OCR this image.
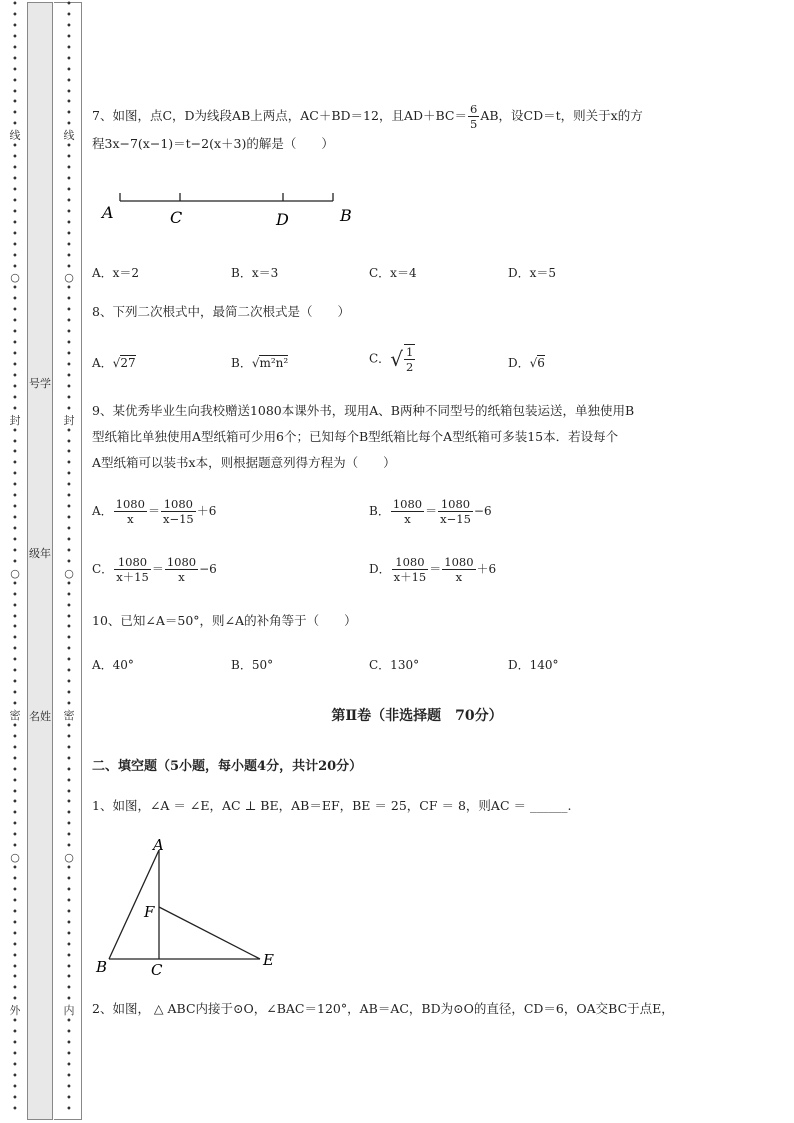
•
•
•
•
•
•
•
•
•
•
•
•
线
•
•
•
•
•
•
•
•
•
•
•
•
○
•
•
•
•
•
•
•
•
•
•
•
•
封
•
•
•
•
•
•
•
•
•
•
•
•
•
○
•
•
•
•
•
•
•
•
•
•
•
•
密
•
•
•
•
•
•
•
•
•
•
•
•
○
•
•
•
•
•
•
•
•
•
•
•
•
•
外
•
•
•
•
•
•
•
•
•
•
•
•
•
•
•
•
•
•
•
•
•
线
•
•
•
•
•
•
•
•
•
•
•
•
○
•
•
•
•
•
•
•
•
•
•
•
•
封
•
•
•
•
•
•
•
•
•
•
•
•
•
○
•
•
•
•
•
•
•
•
•
•
•
•
密
•
•
•
•
•
•
•
•
•
•
•
•
○
•
•
•
•
•
•
•
•
•
•
•
•
•
内
•
•
•
•
•
•
•
•
•
号学
级年
名姓
7、如图，点C，D为线段AB上两点，AC＋BD＝12，且$AD+BC= \frac{6}{5}$ AB，设CD＝t，则关于x的方
程3x−7(x−1)＝t−2(x＋3)的解是（　　）
A	C	D	B
A．x＝2	B．x＝3	C．x＝4	D．x＝5
8、下列二次根式中，最简二次根式是（　　）
A．√27	B．√m²n²	C．√ $\frac{1}{2}$	D．√6
9、某优秀毕业生向我校赠送1080本课外书，现用A、B两种不同型号的纸箱包装运送，单独使用B
型纸箱比单独使用A型纸箱可少用6个；已知每个B型纸箱比每个A型纸箱可多装15本．若设每个
A型纸箱可以装书x本，则根据题意列得方程为（　　）
A． $\frac{1080}{x} = \frac{1080}{x-15} +6$	B． $\frac{1080}{x} = \frac{1080}{x-15} -6$
C． $\frac{1080}{x+15} = \frac{1080}{x} -6$	D． $\frac{1080}{x+15} = \frac{1080}{x} +6$
10、已知∠A＝50°，则∠A的补角等于（　　）
A．40°	B．50°	C．130°	D．140°
第Ⅱ卷（非选择题　70分）
二、填空题（5小题，每小题4分，共计20分）
1、如图，∠A ＝ ∠E，AC ⊥ BE，AB＝EF，BE ＝ 25，CF ＝ 8，则AC ＝ ______.
A
F
B	C
E
2、如图， △ ABC内接于⊙O，∠BAC＝120°，AB＝AC，BD为⊙O的直径，CD＝6，OA交BC于点E，
